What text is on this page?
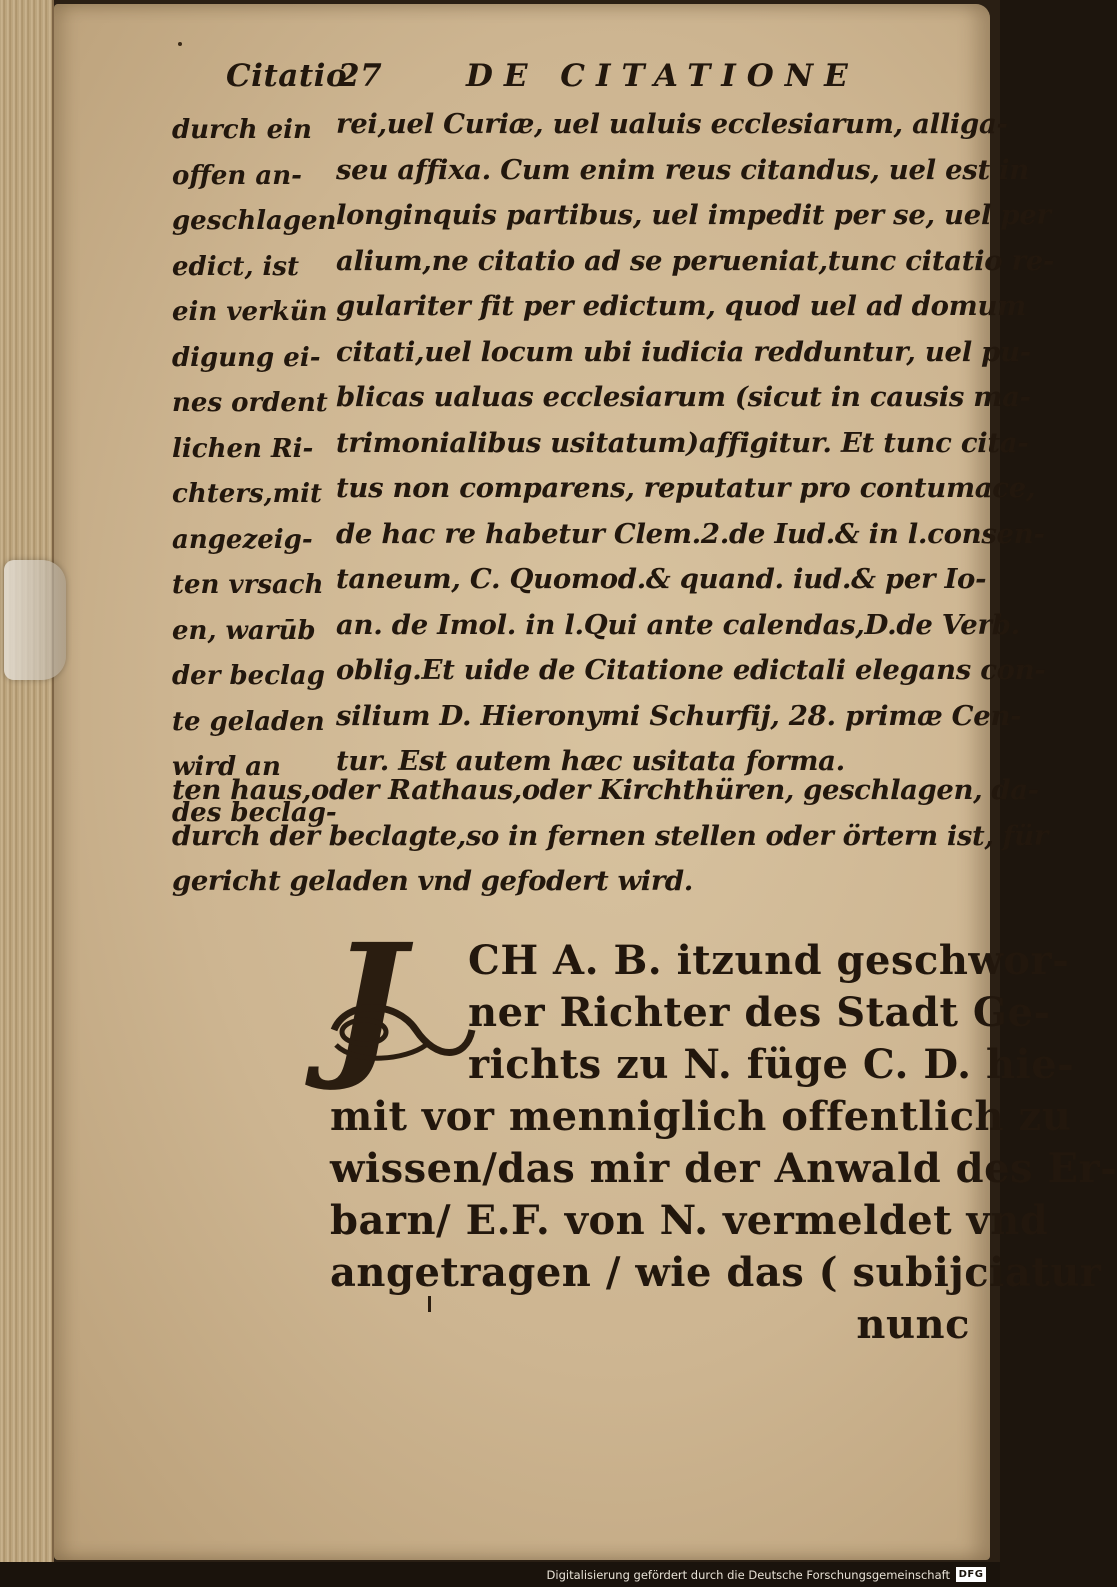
Citatio
27	DE CITATIONE
durch ein
offen an-
geschlagen
edict, ist
ein verkün
digung ei-
nes ordent
lichen Ri-
chters,mit
angezeig-
ten vrsach
en, warūb
der beclag
te geladen
wird an
des beclag-
rei,uel Curiæ, uel ualuis ecclesiarum, alliga-
seu affixa. Cum enim reus citandus, uel est in
longinquis partibus, uel impedit per se, uel per
alium,ne citatio ad se perueniat,tunc citatio re-
gulariter fit per edictum, quod uel ad domum
citati,uel locum ubi iudicia redduntur, uel pu-
blicas ualuas ecclesiarum (sicut in causis ma-
trimonialibus usitatum)affigitur. Et tunc cita-
tus non comparens, reputatur pro contumace,
de hac re habetur Clem.2.de Iud.& in l.consen-
taneum, C. Quomod.& quand. iud.& per Io-
an. de Imol. in l.Qui ante calendas,D.de Verb.
oblig.Et uide de Citatione edictali elegans con-
silium D. Hieronymi Schurfij, 28. primæ Cen-
tur. Est autem hæc usitata forma.
ten haus,oder Rathaus,oder Kirchthüren, geschlagen, da-
durch der beclagte,so in fernen stellen oder örtern ist, für
gericht geladen vnd gefodert wird.
J	CH A. B. itzund geschwor-
ner Richter des Stadt Ge-
richts zu N. füge C. D. hie-
mit vor menniglich offentlich zu
wissen/das mir der Anwald des Er-
barn/ E.F. von N. vermeldet vnd
angetragen / wie das ( subijciatur
nunc
Digitalisierung gefördert durch die Deutsche Forschungsgemeinschaft DFG
